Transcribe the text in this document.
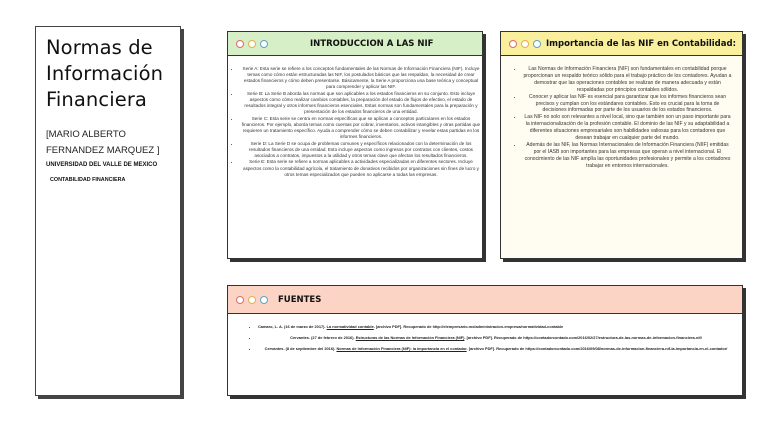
Normas de Información Financiera
[MARIO ALBERTO FERNANDEZ MARQUEZ ]
UNIVERSIDAD DEL VALLE DE MEXICO
CONTABILIDAD FINANCIERA
INTRODUCCION A LAS NIF
• Serie A: Esta serie se refiere a los conceptos fundamentales de las Normas de Información Financiera (NIF). Incluye temas como cómo están estructuradas las NIF, los postulados básicos que las respaldan, la necesidad de crear estados financieros y cómo deben presentarse. Básicamente, la Serie A proporciona una base teórica y conceptual para comprender y aplicar las NIF.
• Serie B: La Serie B aborda las normas que son aplicables a los estados financieros en su conjunto. Esto incluye aspectos como cómo realizar cambios contables, la preparación del estado de flujos de efectivo, el estado de resultados integral y otros informes financieros esenciales. Estas normas son fundamentales para la preparación y presentación de los estados financieros de una entidad.
• Serie C: Esta serie se centra en normas específicas que se aplican a conceptos particulares en los estados financieros. Por ejemplo, aborda temas como cuentas por cobrar, inventarios, activos intangibles y otras partidas que requieren un tratamiento específico. Ayuda a comprender cómo se deben contabilizar y revelar estas partidas en los informes financieros.
• Serie D: La Serie D se ocupa de problemas comunes y específicos relacionados con la determinación de los resultados financieros de una entidad. Esto incluye aspectos como ingresos por contratos con clientes, costos asociados a contratos, impuestos a la utilidad y otros temas clave que afectan los resultados financieros.
• Serie E: Esta serie se refiere a normas aplicables a actividades especializadas en diferentes sectores. Incluye aspectos como la contabilidad agrícola, el tratamiento de donativos recibidos por organizaciones sin fines de lucro y otros temas especializados que pueden no aplicarse a todas las empresas.
Importancia de las NIF en Contabilidad:
• Las Normas de Información Financiera (NIF) son fundamentales en contabilidad porque proporcionan un respaldo teórico sólido para el trabajo práctico de los contadores. Ayudan a demostrar que las operaciones contables se realizan de manera adecuada y están respaldadas por principios contables sólidos.
• Conocer y aplicar las NIF es esencial para garantizar que los informes financieros sean precisos y cumplan con los estándares contables. Esto es crucial para la toma de decisiones informadas por parte de los usuarios de los estados financieros.
• Las NIF no solo son relevantes a nivel local, sino que también son un paso importante para la internacionalización de la profesión contable. El dominio de las NIF y su adaptabilidad a diferentes situaciones empresariales son habilidades valiosas para los contadores que desean trabajar en cualquier parte del mundo.
• Además de las NIF, las Normas Internacionales de Información Financiera (NIIF) emitidas por el IASB son importantes para las empresas que operan a nivel internacional. El conocimiento de las NIF amplía las oportunidades profesionales y permite a los contadores trabajar en entornos internacionales.
FUENTES
• Camaro, L. A. (16 de marzo de 2017). La normatividad contable. [archivo PDF]. Recuperado de http://elempresario.mx/administracion-empresa/normatividad-contable
• Cervantes. (27 de febrero de 2016). Estructuras de las Normas de Información Financiera (NIF). [archivo PDF]. Recuperado de https://contadorcontado.com/2016/02/27/estructura-de-las-normas-de-informacion-financiera-nif/
• Cervantes. (8 de septiembre del 2016). Normas de Información Financiera (NIF): la importancia en el contador. [archivo PDF]. Recuperado de https://contadorcontado.com/2016/09/08/normas-de-informacion-financiera-nif-la-importancia-en-el-contador/
